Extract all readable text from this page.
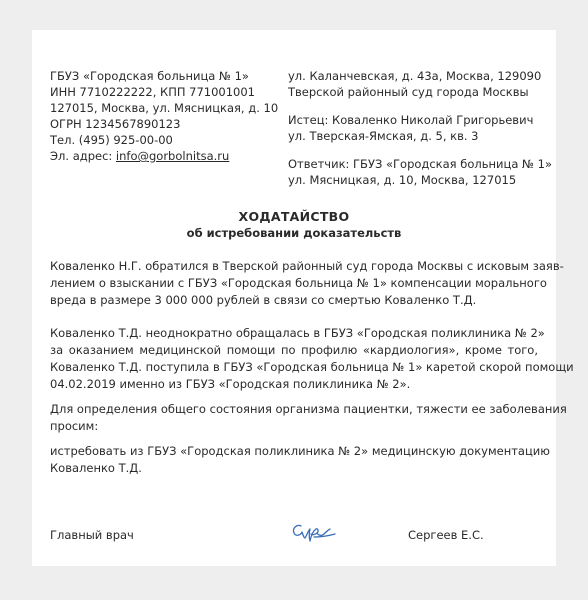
ГБУЗ «Городская больница № 1»
ИНН 7710222222, КПП 771001001
127015, Москва, ул. Мясницкая, д. 10
ОГРН 1234567890123
Тел. (495) 925-00-00
Эл. адрес: info@gorbolnitsa.ru
ул. Каланчевская, д. 43а, Москва, 129090
Тверской районный суд города Москвы
Истец: Коваленко Николай Григорьевич
ул. Тверская-Ямская, д. 5, кв. 3
Ответчик: ГБУЗ «Городская больница № 1»
ул. Мясницкая, д. 10, Москва, 127015
ХОДАТАЙСТВО
об истребовании доказательств
Коваленко Н.Г. обратился в Тверской районный суд города Москвы с исковым заяв-
лением о взыскании с ГБУЗ «Городская больница № 1» компенсации морального
вреда в размере 3 000 000 рублей в связи со смертью Коваленко Т.Д.
Коваленко Т.Д. неоднократно обращалась в ГБУЗ «Городская поликлиника № 2»
за оказанием медицинской помощи по профилю «кардиология», кроме того,
Коваленко Т.Д. поступила в ГБУЗ «Городская больница № 1» каретой скорой помощи
04.02.2019 именно из ГБУЗ «Городская поликлиника № 2».
Для определения общего состояния организма пациентки, тяжести ее заболевания
просим:
истребовать из ГБУЗ «Городская поликлиника № 2» медицинскую документацию
Коваленко Т.Д.
Главный врач	Сергеев Е.С.
